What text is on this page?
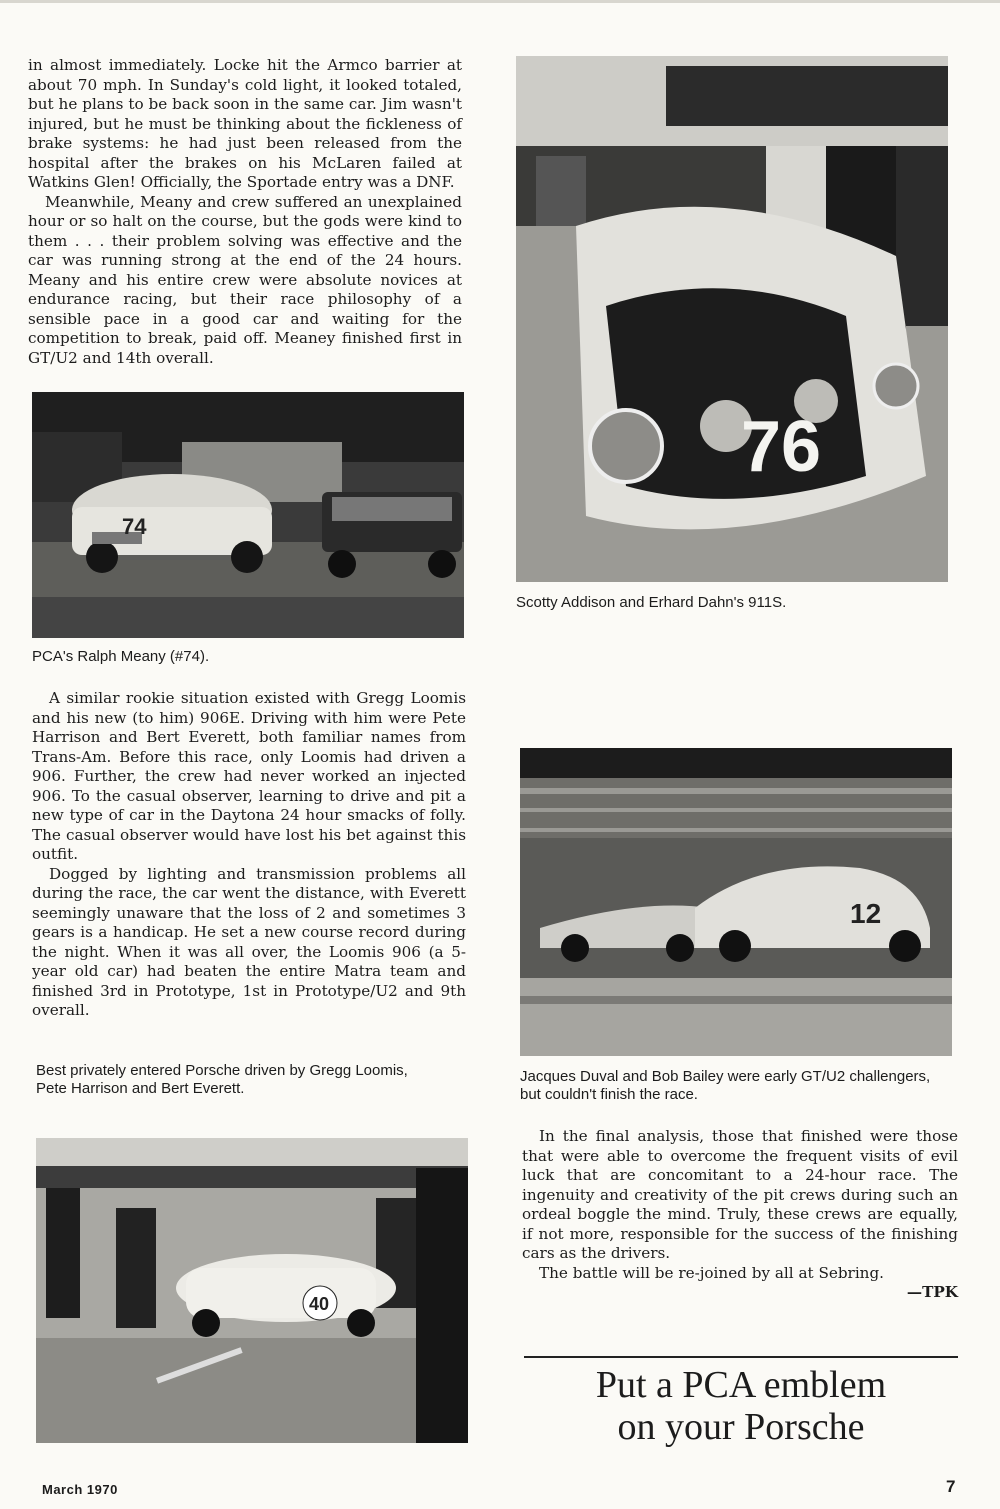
in almost immediately. Locke hit the Armco barrier at about 70 mph. In Sunday's cold light, it looked totaled, but he plans to be back soon in the same car. Jim wasn't injured, but he must be thinking about the fickleness of brake systems: he had just been released from the hospital after the brakes on his McLaren failed at Watkins Glen! Officially, the Sportade entry was a DNF.

Meanwhile, Meany and crew suffered an unexplained hour or so halt on the course, but the gods were kind to them . . . their problem solving was effective and the car was running strong at the end of the 24 hours. Meany and his entire crew were absolute novices at endurance racing, but their race philosophy of a sensible pace in a good car and waiting for the competition to break, paid off. Meaney finished first in GT/U2 and 14th overall.

74
PCA's Ralph Meany (#74).

A similar rookie situation existed with Gregg Loomis and his new (to him) 906E. Driving with him were Pete Harrison and Bert Everett, both familiar names from Trans-Am. Before this race, only Loomis had driven a 906. Further, the crew had never worked an injected 906. To the casual observer, learning to drive and pit a new type of car in the Daytona 24 hour smacks of folly. The casual observer would have lost his bet against this outfit.

Dogged by lighting and transmission problems all during the race, the car went the distance, with Everett seemingly unaware that the loss of 2 and sometimes 3 gears is a handicap. He set a new course record during the night. When it was all over, the Loomis 906 (a 5-year old car) had beaten the entire Matra team and finished 3rd in Prototype, 1st in Prototype/U2 and 9th overall.

Best privately entered Porsche driven by Gregg Loomis, Pete Harrison and Bert Everett.
40
76
Scotty Addison and Erhard Dahn's 911S.
12
Jacques Duval and Bob Bailey were early GT/U2 challengers, but couldn't finish the race.

In the final analysis, those that finished were those that were able to overcome the frequent visits of evil luck that are concomitant to a 24-hour race. The ingenuity and creativity of the pit crews during such an ordeal boggle the mind. Truly, these crews are equally, if not more, responsible for the success of the finishing cars as the drivers.

The battle will be re-joined by all at Sebring.

—TPK

Put a PCA emblem
on your Porsche
March 1970	7
